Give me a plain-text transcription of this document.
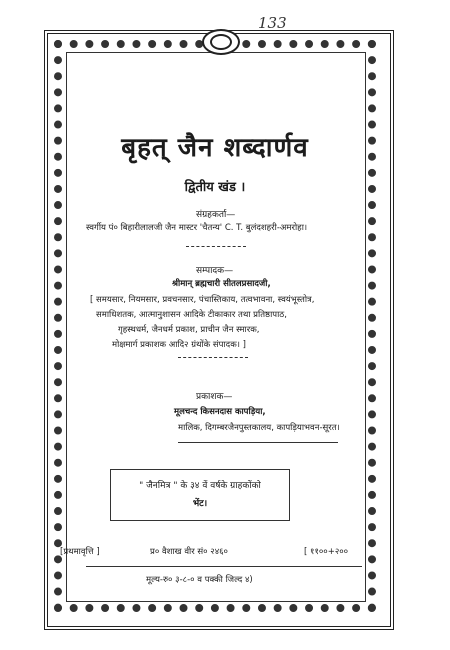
133
बृहत् जैन शब्दार्णव
द्वितीय खंड ।
संग्रहकर्ता—
स्वर्गीय पं० बिहारीलालजी जैन मास्टर 'चैतन्य' C. T. बुलंदशहरी-अमरोहा।
सम्पादक—
श्रीमान् ब्रह्मचारी सीतलप्रसादजी,
[ समयसार, नियमसार, प्रवचनसार, पंचास्तिकाय, तत्वभावना, स्वयंभूस्तोत्र,
समाधिशतक, आत्मानुशासन आदिके टीकाकार तथा प्रतिष्ठापाठ,
गृहस्थधर्म, जैनधर्म प्रकाश, प्राचीन जैन स्मारक,
मोक्षमार्ग प्रकाशक आदि२ ग्रंथोंके संपादक। ]
प्रकाशक—
मूलचन्द किसनदास कापड़िया,
मालिक, दिगम्बरजैनपुस्तकालय, कापड़ियाभवन-सूरत।
" जैनमित्र " के ३४ वें वर्षके ग्राहकोंको
भेंट।
[प्रथमावृत्ति ]	प्र० वैशाख वीर सं० २४६०	[ ११००+२००
मूल्य-रु० ३-८-० व पक्की जिल्द ४)
